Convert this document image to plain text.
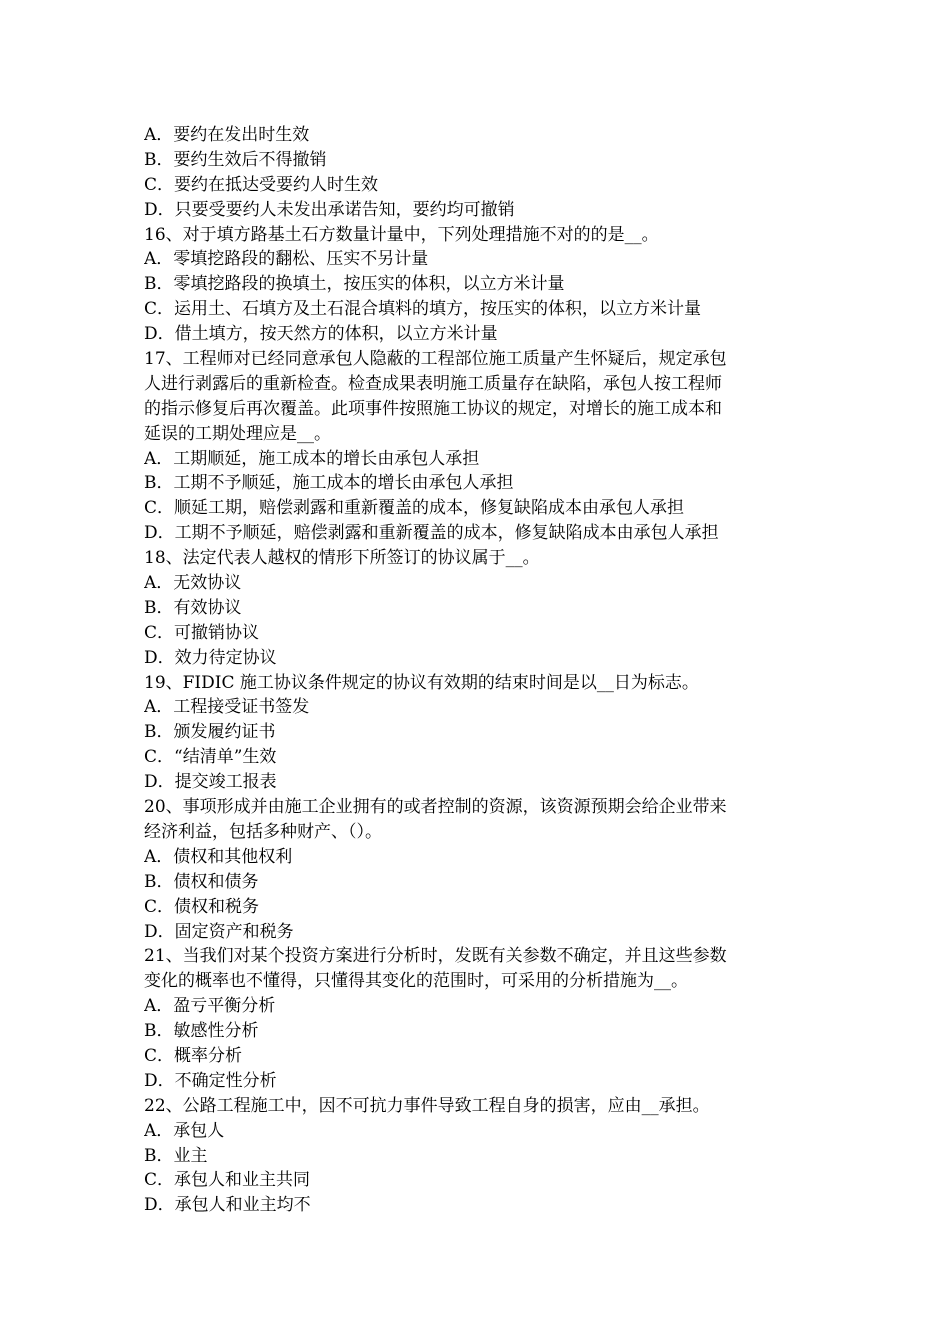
A．要约在发出时生效
B．要约生效后不得撤销
C．要约在抵达受要约人时生效
D．只要受要约人未发出承诺告知，要约均可撤销
16、对于填方路基土石方数量计量中，下列处理措施不对的的是__。
A．零填挖路段的翻松、压实不另计量
B．零填挖路段的换填土，按压实的体积，以立方米计量
C．运用土、石填方及土石混合填料的填方，按压实的体积，以立方米计量
D．借土填方，按天然方的体积，以立方米计量
17、工程师对已经同意承包人隐蔽的工程部位施工质量产生怀疑后，规定承包
人进行剥露后的重新检查。检查成果表明施工质量存在缺陷，承包人按工程师
的指示修复后再次覆盖。此项事件按照施工协议的规定，对增长的施工成本和
延误的工期处理应是__。
A．工期顺延，施工成本的增长由承包人承担
B．工期不予顺延，施工成本的增长由承包人承担
C．顺延工期，赔偿剥露和重新覆盖的成本，修复缺陷成本由承包人承担
D．工期不予顺延，赔偿剥露和重新覆盖的成本，修复缺陷成本由承包人承担
18、法定代表人越权的情形下所签订的协议属于__。
A．无效协议
B．有效协议
C．可撤销协议
D．效力待定协议
19、FIDIC 施工协议条件规定的协议有效期的结束时间是以__日为标志。
A．工程接受证书签发
B．颁发履约证书
C．“结清单”生效
D．提交竣工报表
20、事项形成并由施工企业拥有的或者控制的资源，该资源预期会给企业带来
经济利益，包括多种财产、（）。
A．债权和其他权利
B．债权和债务
C．债权和税务
D．固定资产和税务
21、当我们对某个投资方案进行分析时，发既有关参数不确定，并且这些参数
变化的概率也不懂得，只懂得其变化的范围时，可采用的分析措施为__。
A．盈亏平衡分析
B．敏感性分析
C．概率分析
D．不确定性分析
22、公路工程施工中，因不可抗力事件导致工程自身的损害，应由__承担。
A．承包人
B．业主
C．承包人和业主共同
D．承包人和业主均不
